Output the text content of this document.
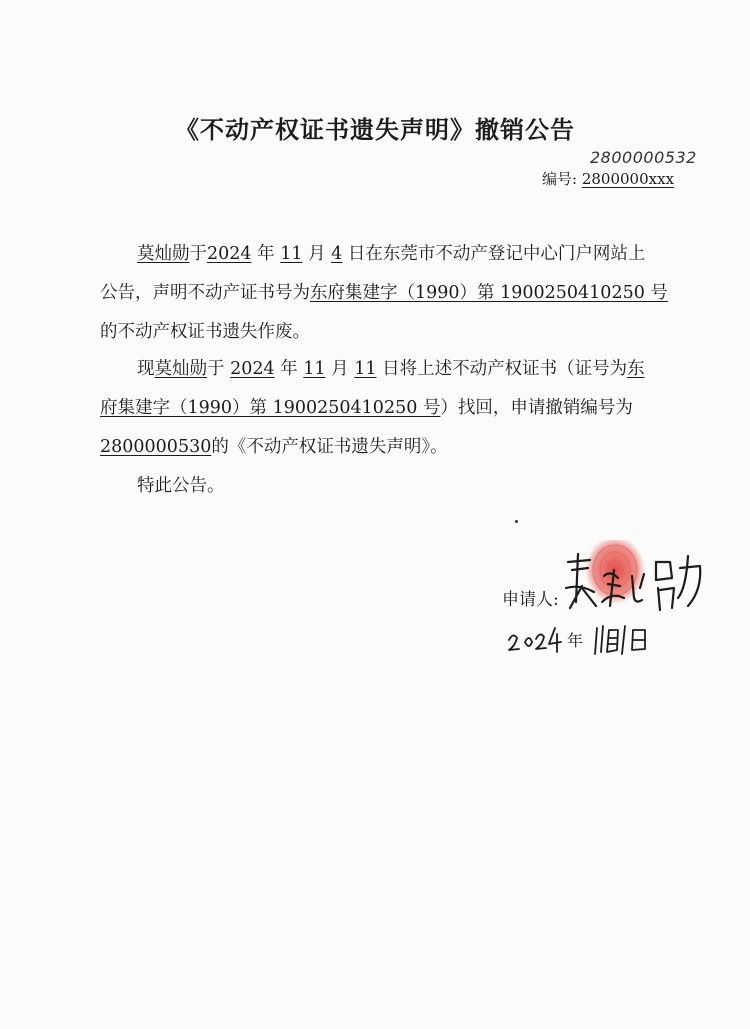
《不动产权证书遗失声明》撤销公告
2800000532
编号: 2800000xxx
莫灿勋于2024 年 11 月 4 日在东莞市不动产登记中心门户网站上
公告，声明不动产证书号为东府集建字（1990）第 1900250410250 号
的不动产权证书遗失作废。
现莫灿勋于 2024 年 11 月 11 日将上述不动产权证书（证号为东
府集建字（1990）第 1900250410250 号）找回，申请撤销编号为
2800000530的《不动产权证书遗失声明》。
特此公告。
申请人:
年
